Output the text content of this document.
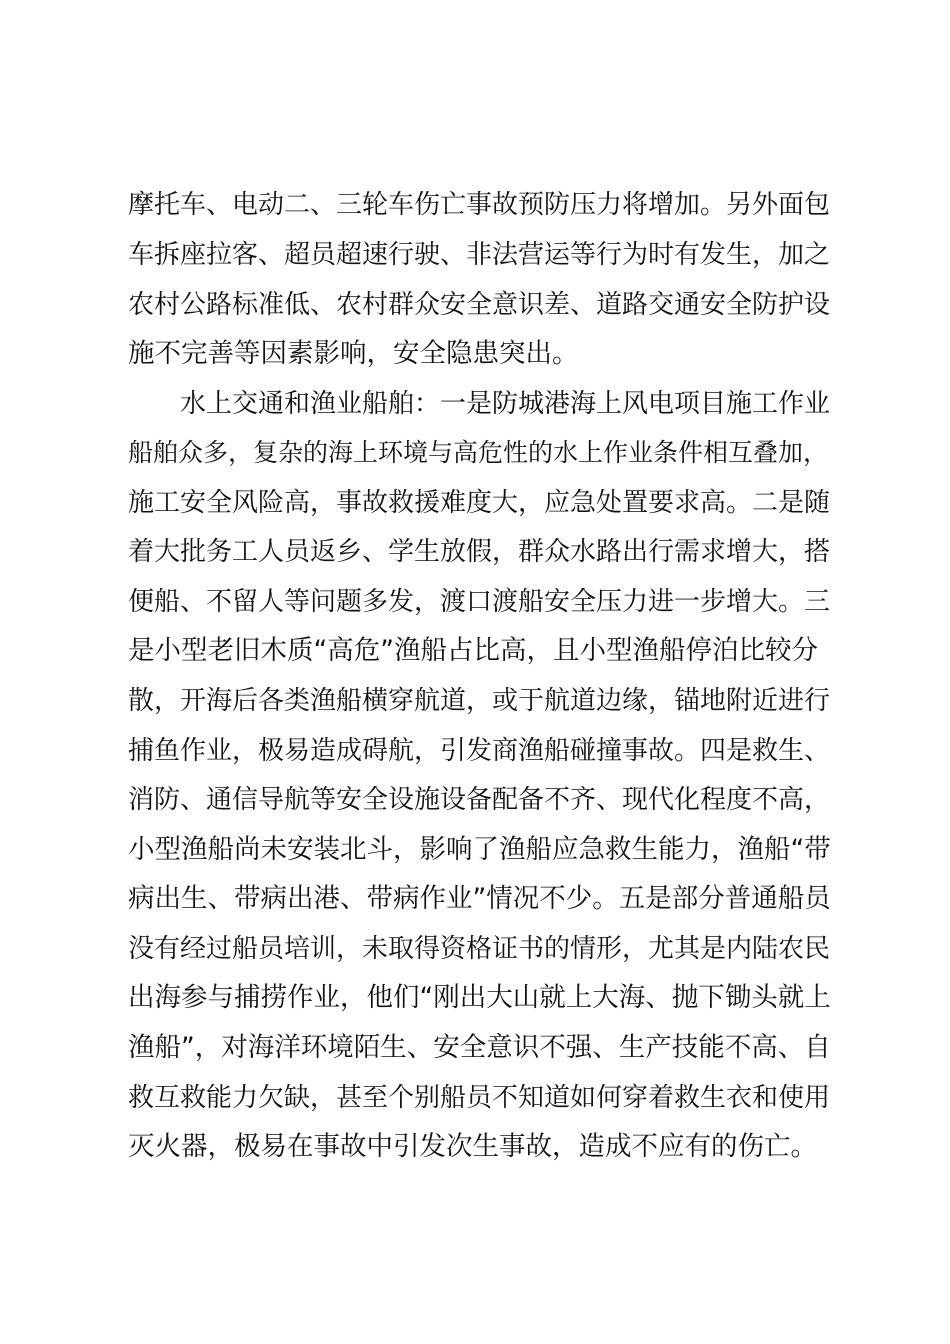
摩托车、电动二、三轮车伤亡事故预防压力将增加。另外面包
车拆座拉客、超员超速行驶、非法营运等行为时有发生，加之
农村公路标准低、农村群众安全意识差、道路交通安全防护设
施不完善等因素影响，安全隐患突出。
水上交通和渔业船舶：一是防城港海上风电项目施工作业
船舶众多，复杂的海上环境与高危性的水上作业条件相互叠加，
施工安全风险高，事故救援难度大，应急处置要求高。二是随
着大批务工人员返乡、学生放假，群众水路出行需求增大，搭
便船、不留人等问题多发，渡口渡船安全压力进一步增大。三
是小型老旧木质“高危”渔船占比高，且小型渔船停泊比较分
散，开海后各类渔船横穿航道，或于航道边缘，锚地附近进行
捕鱼作业，极易造成碍航，引发商渔船碰撞事故。四是救生、
消防、通信导航等安全设施设备配备不齐、现代化程度不高，
小型渔船尚未安装北斗，影响了渔船应急救生能力，渔船“带
病出生、带病出港、带病作业”情况不少。五是部分普通船员
没有经过船员培训，未取得资格证书的情形，尤其是内陆农民
出海参与捕捞作业，他们“刚出大山就上大海、抛下锄头就上
渔船”，对海洋环境陌生、安全意识不强、生产技能不高、自
救互救能力欠缺，甚至个别船员不知道如何穿着救生衣和使用
灭火器，极易在事故中引发次生事故，造成不应有的伤亡。
